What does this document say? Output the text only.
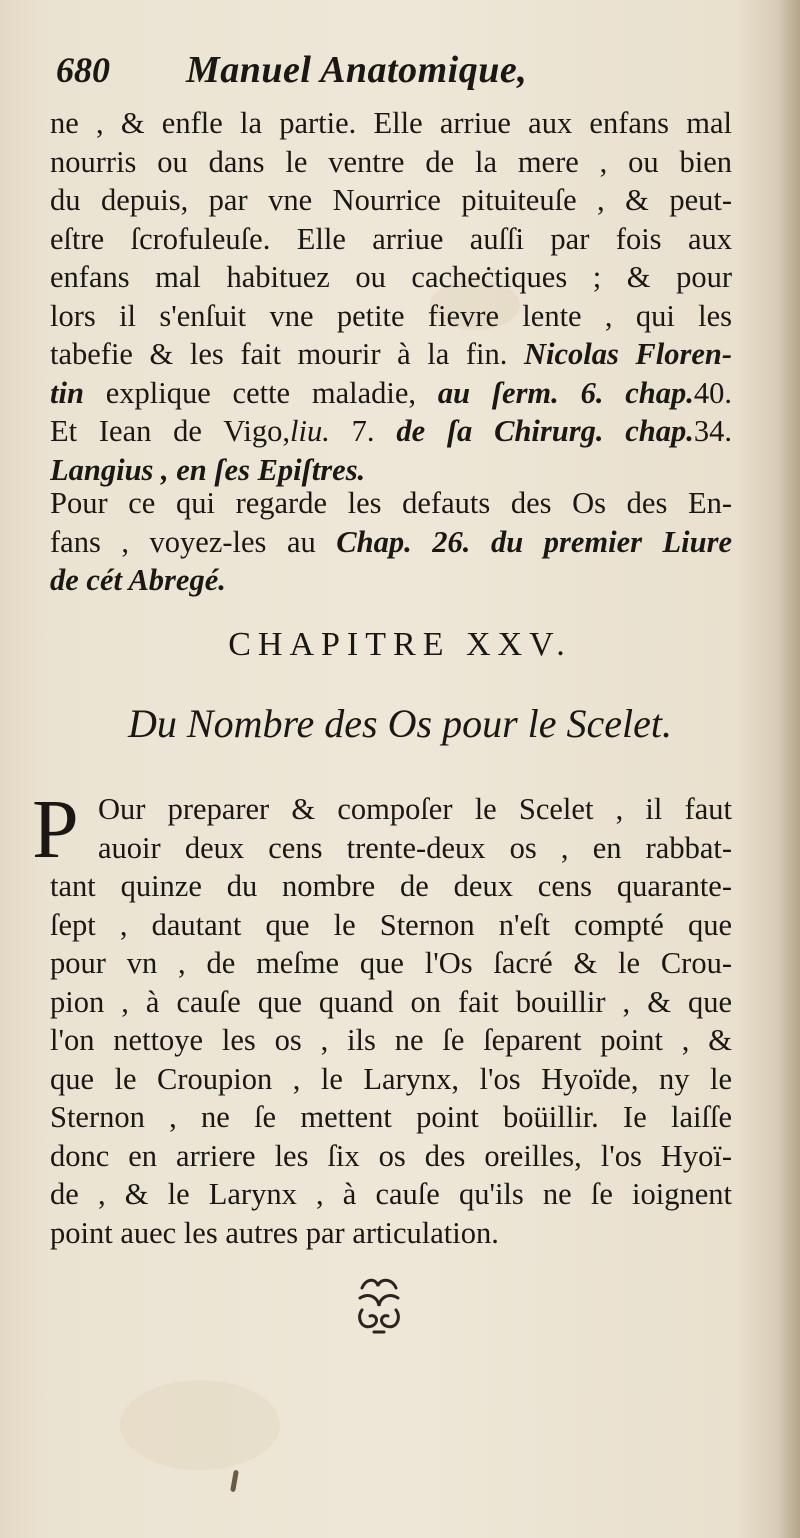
680 Manuel Anatomique,
ne , & enfle la partie. Elle arriue aux enfans mal
nourris ou dans le ventre de la mere , ou bien
du depuis, par vne Nourrice pituiteuſe , & peut-
eſtre ſcrofuleuſe. Elle arriue auſſi par fois aux
enfans mal habituez ou cacheċtiques ; & pour
lors il s'enſuit vne petite fievre lente , qui les
tabefie & les fait mourir à la fin. Nicolas Floren-
tin explique cette maladie, au ſerm. 6. chap.40.
Et Iean de Vigo,liu. 7. de ſa Chirurg. chap.34.
Langius , en ſes Epiſtres.
Pour ce qui regarde les defauts des Os des En-
fans , voyez-les au Chap. 26. du premier Liure
de cét Abregé.
CHAPITRE XXV.
Du Nombre des Os pour le Scelet.
P Our preparer & compoſer le Scelet , il faut
auoir deux cens trente-deux os , en rabbat-
tant quinze du nombre de deux cens quarante-
ſept , dautant que le Sternon n'eſt compté que
pour vn , de meſme que l'Os ſacré & le Crou-
pion , à cauſe que quand on fait bouillir , & que
l'on nettoye les os , ils ne ſe ſeparent point , &
que le Croupion , le Larynx, l'os Hyoïde, ny le
Sternon , ne ſe mettent point boüillir. Ie laiſſe
donc en arriere les ſix os des oreilles, l'os Hyoï-
de , & le Larynx , à cauſe qu'ils ne ſe ioignent
point auec les autres par articulation.
